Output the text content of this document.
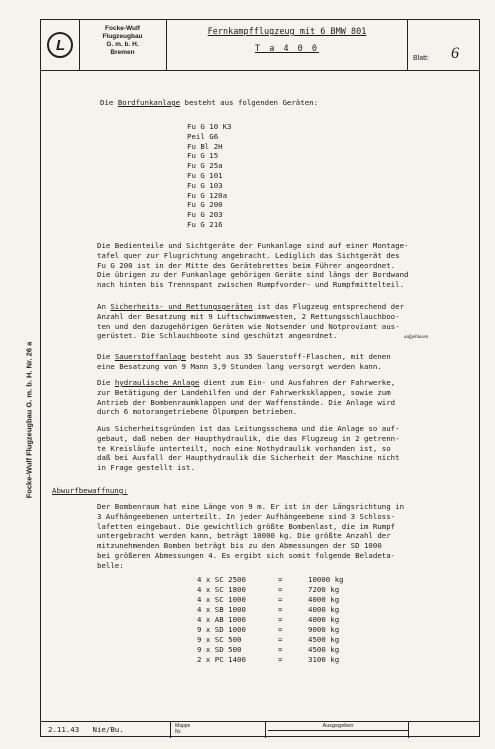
L
Focke-Wulf
Flugzeugbau
G. m. b. H.
Bremen
Fernkampfflugzeug mit 6 BMW 801
T a 4 0 0
Blatt: 6
Focke-Wulf Flugzeugbau G. m. b. H. Nr. 26 a
Die Bordfunkanlage besteht aus folgenden Geräten:
Fu G 10 K3
Peil G6
Fu Bl 2H
Fu G 15
Fu G 25a
Fu G 101
Fu G 103
Fu G 120a
Fu G 200
Fu G 203
Fu G 216
Die Bedienteile und Sichtgeräte der Funkanlage sind auf einer Montage-
tafel quer zur Flugrichtung angebracht. Lediglich das Sichtgerät des
Fu G 200 ist in der Mitte des Gerätebrettes beim Führer angeordnet.
Die übrigen zu der Funkanlage gehörigen Geräte sind längs der Bordwand
nach hinten bis Trennspant zwischen Rumpfvorder- und Rumpfmittelteil.
An Sicherheits- und Rettungsgeräten ist das Flugzeug entsprechend der
Anzahl der Besatzung mit 9 Luftschwimmwesten, 2 Rettungsschlauchboo-
ten und den dazugehörigen Geräten wie Notsender und Notproviant aus-
gerüstet. Die Schlauchboote sind geschützt angeordnet.	aufgeblasen
Die Sauerstoffanlage besteht aus 35 Sauerstoff-Flaschen, mit denen
eine Besatzung von 9 Mann 3,9 Stunden lang versorgt werden kann.
Die hydraulische Anlage dient zum Ein- und Ausfahren der Fahrwerke,
zur Betätigung der Landehilfen und der Fahrwerksklappen, sowie zum
Antrieb der Bombenraumklappen und der Waffenstände. Die Anlage wird
durch 6 motorangetriebene Ölpumpen betrieben.
Aus Sicherheitsgründen ist das Leitungsschema und die Anlage so auf-
gebaut, daß neben der Haupthydraulik, die das Flugzeug in 2 getrenn-
te Kreisläufe unterteilt, noch eine Nothydraulik vorhanden ist, so
daß bei Ausfall der Haupthydraulik die Sicherheit der Maschine nicht
in Frage gestellt ist.
Abwurfbewaffnung:
Der Bombenraum hat eine Länge von 9 m. Er ist in der Längsrichtung in
3 Aufhängeebenen unterteilt. In jeder Aufhängeebene sind 3 Schloss-
lafetten eingebaut. Die gewichtlich größte Bombenlast, die im Rumpf
untergebracht werden kann, beträgt 10000 kg. Die größte Anzahl der
mitzunehmenden Bomben beträgt bis zu den Abmessungen der SD 1000
bei größeren Abmessungen 4. Es ergibt sich somit folgende Beladeta-
belle:
4 x SC 2500	=	10000 kg
4 x SC 1800	=	7200 kg
4 x SC 1000	=	4000 kg
4 x SB 1000	=	4000 kg
4 x AB 1000	=	4000 kg
9 x SD 1000	=	9000 kg
9 x SC 500	=	4500 kg
9 x SD 500	=	4500 kg
2 x PC 1400	=	3100 kg
2.11.43 Nie/Bu.	Mappe
Nr.
Ausgegeben
